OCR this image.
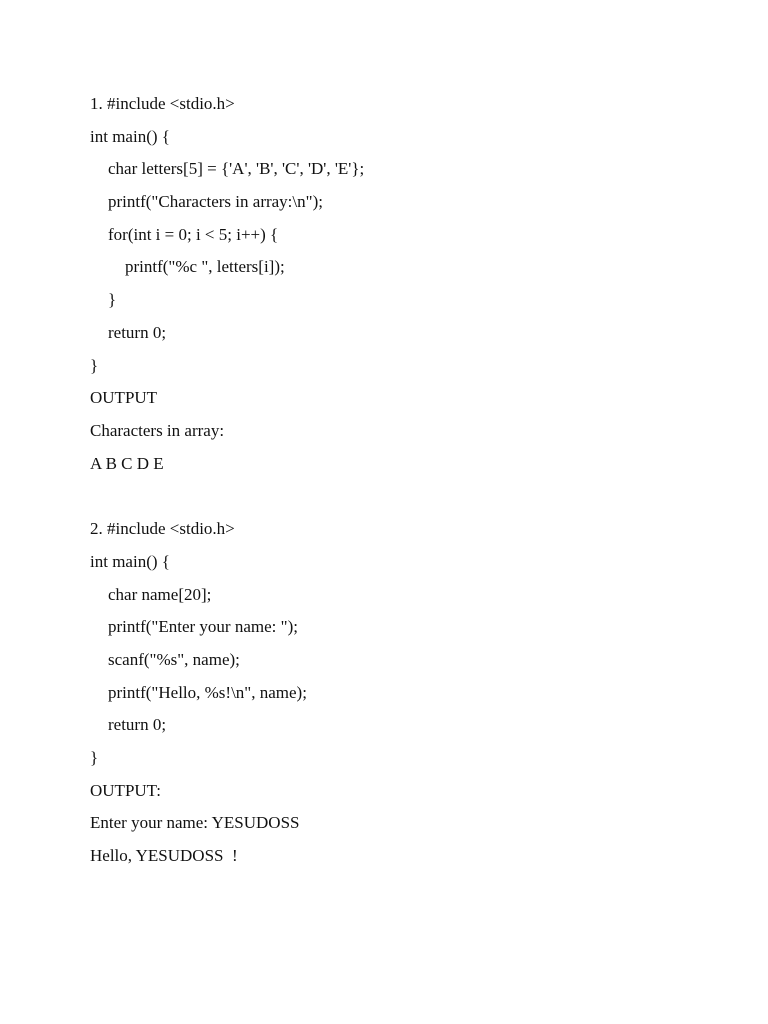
1. #include <stdio.h>
int main() {
char letters[5] = {'A', 'B', 'C', 'D', 'E'};
printf("Characters in array:\n");
for(int i = 0; i < 5; i++) {
printf("%c ", letters[i]);
}
return 0;
}
OUTPUT
Characters in array:
A B C D E
2. #include <stdio.h>
int main() {
char name[20];
printf("Enter your name: ");
scanf("%s", name);
printf("Hello, %s!\n", name);
return 0;
}
OUTPUT:
Enter your name: YESUDOSS
Hello, YESUDOSS  !
